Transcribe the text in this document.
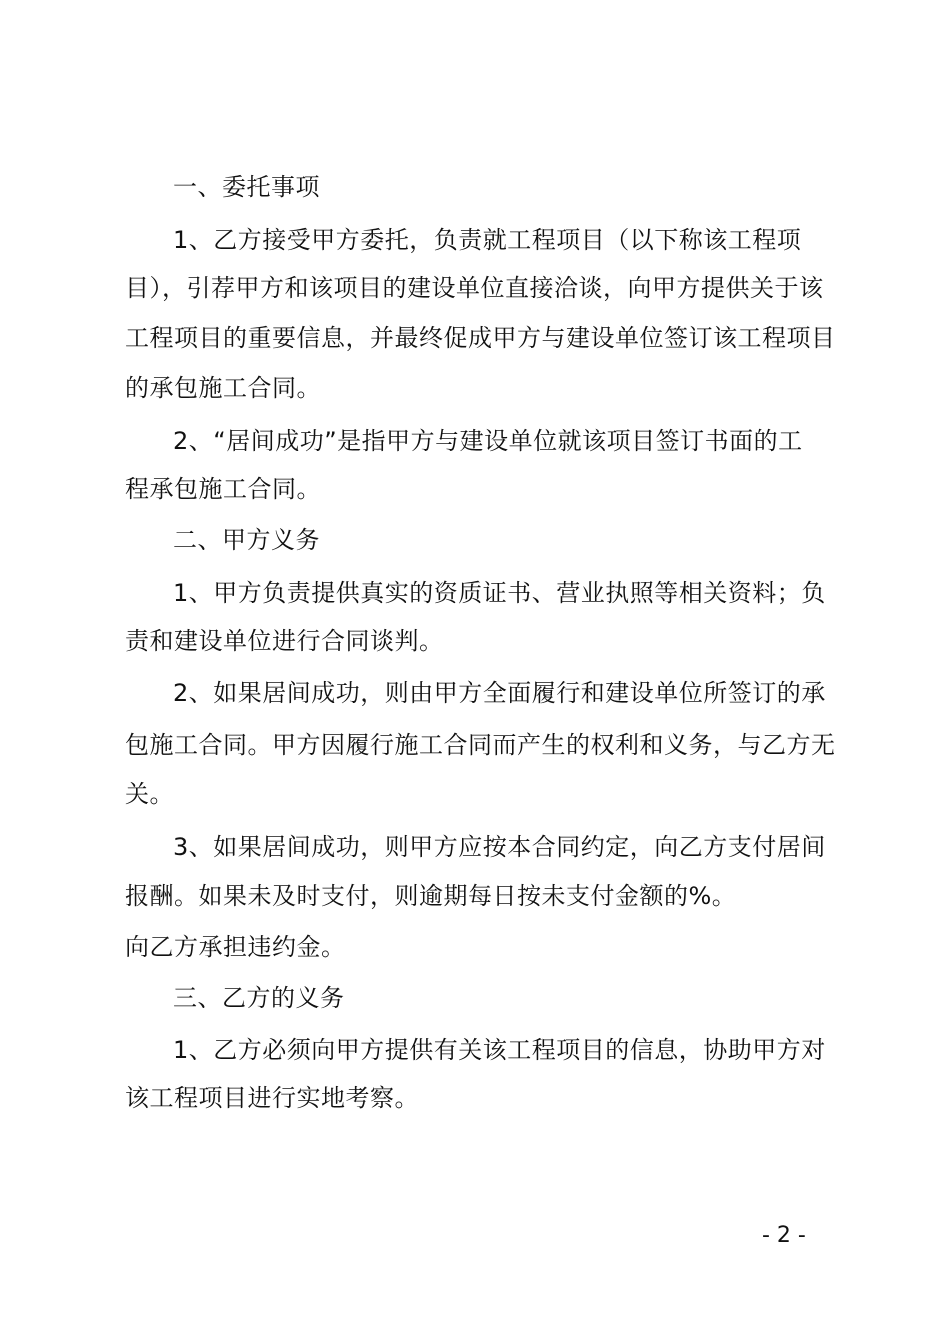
一、委托事项
1、乙方接受甲方委托，负责就工程项目（以下称该工程项
目），引荐甲方和该项目的建设单位直接洽谈，向甲方提供关于该
工程项目的重要信息，并最终促成甲方与建设单位签订该工程项目
的承包施工合同。
2、“居间成功”是指甲方与建设单位就该项目签订书面的工
程承包施工合同。
二、甲方义务
1、甲方负责提供真实的资质证书、营业执照等相关资料；负
责和建设单位进行合同谈判。
2、如果居间成功，则由甲方全面履行和建设单位所签订的承
包施工合同。甲方因履行施工合同而产生的权利和义务，与乙方无
关。
3、如果居间成功，则甲方应按本合同约定，向乙方支付居间
报酬。如果未及时支付，则逾期每日按未支付金额的%。
向乙方承担违约金。
三、乙方的义务
1、乙方必须向甲方提供有关该工程项目的信息，协助甲方对
该工程项目进行实地考察。
- 2 -
